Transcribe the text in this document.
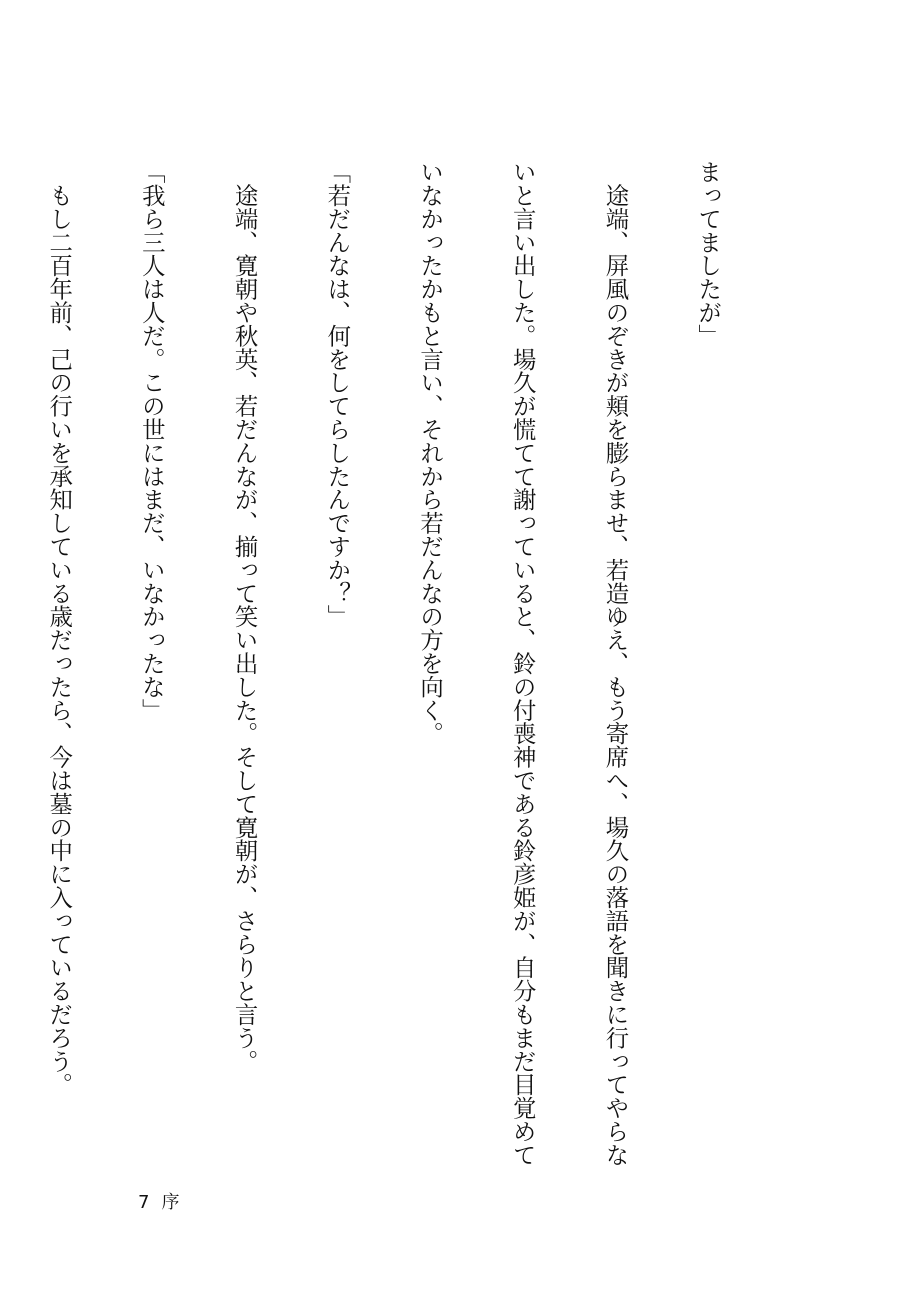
まってましたが」

　途端、屏風のぞきが頬を膨らませ、若造ゆえ、もう寄席へ、場久の落語を聞きに行ってやらな

いと言い出した。場久が慌てて謝っていると、鈴の付喪神である鈴彦姫が、自分もまだ目覚めて

いなかったかもと言い、それから若だんなの方を向く。

「若だんなは、何をしてらしたんですか？」

　途端、寛朝や秋英、若だんなが、揃って笑い出した。そして寛朝が、さらりと言う。

「我ら三人は人だ。この世にはまだ、いなかったな」

　もし二百年前、己の行いを承知している歳だったら、今は墓の中に入っているだろう。

7 序
